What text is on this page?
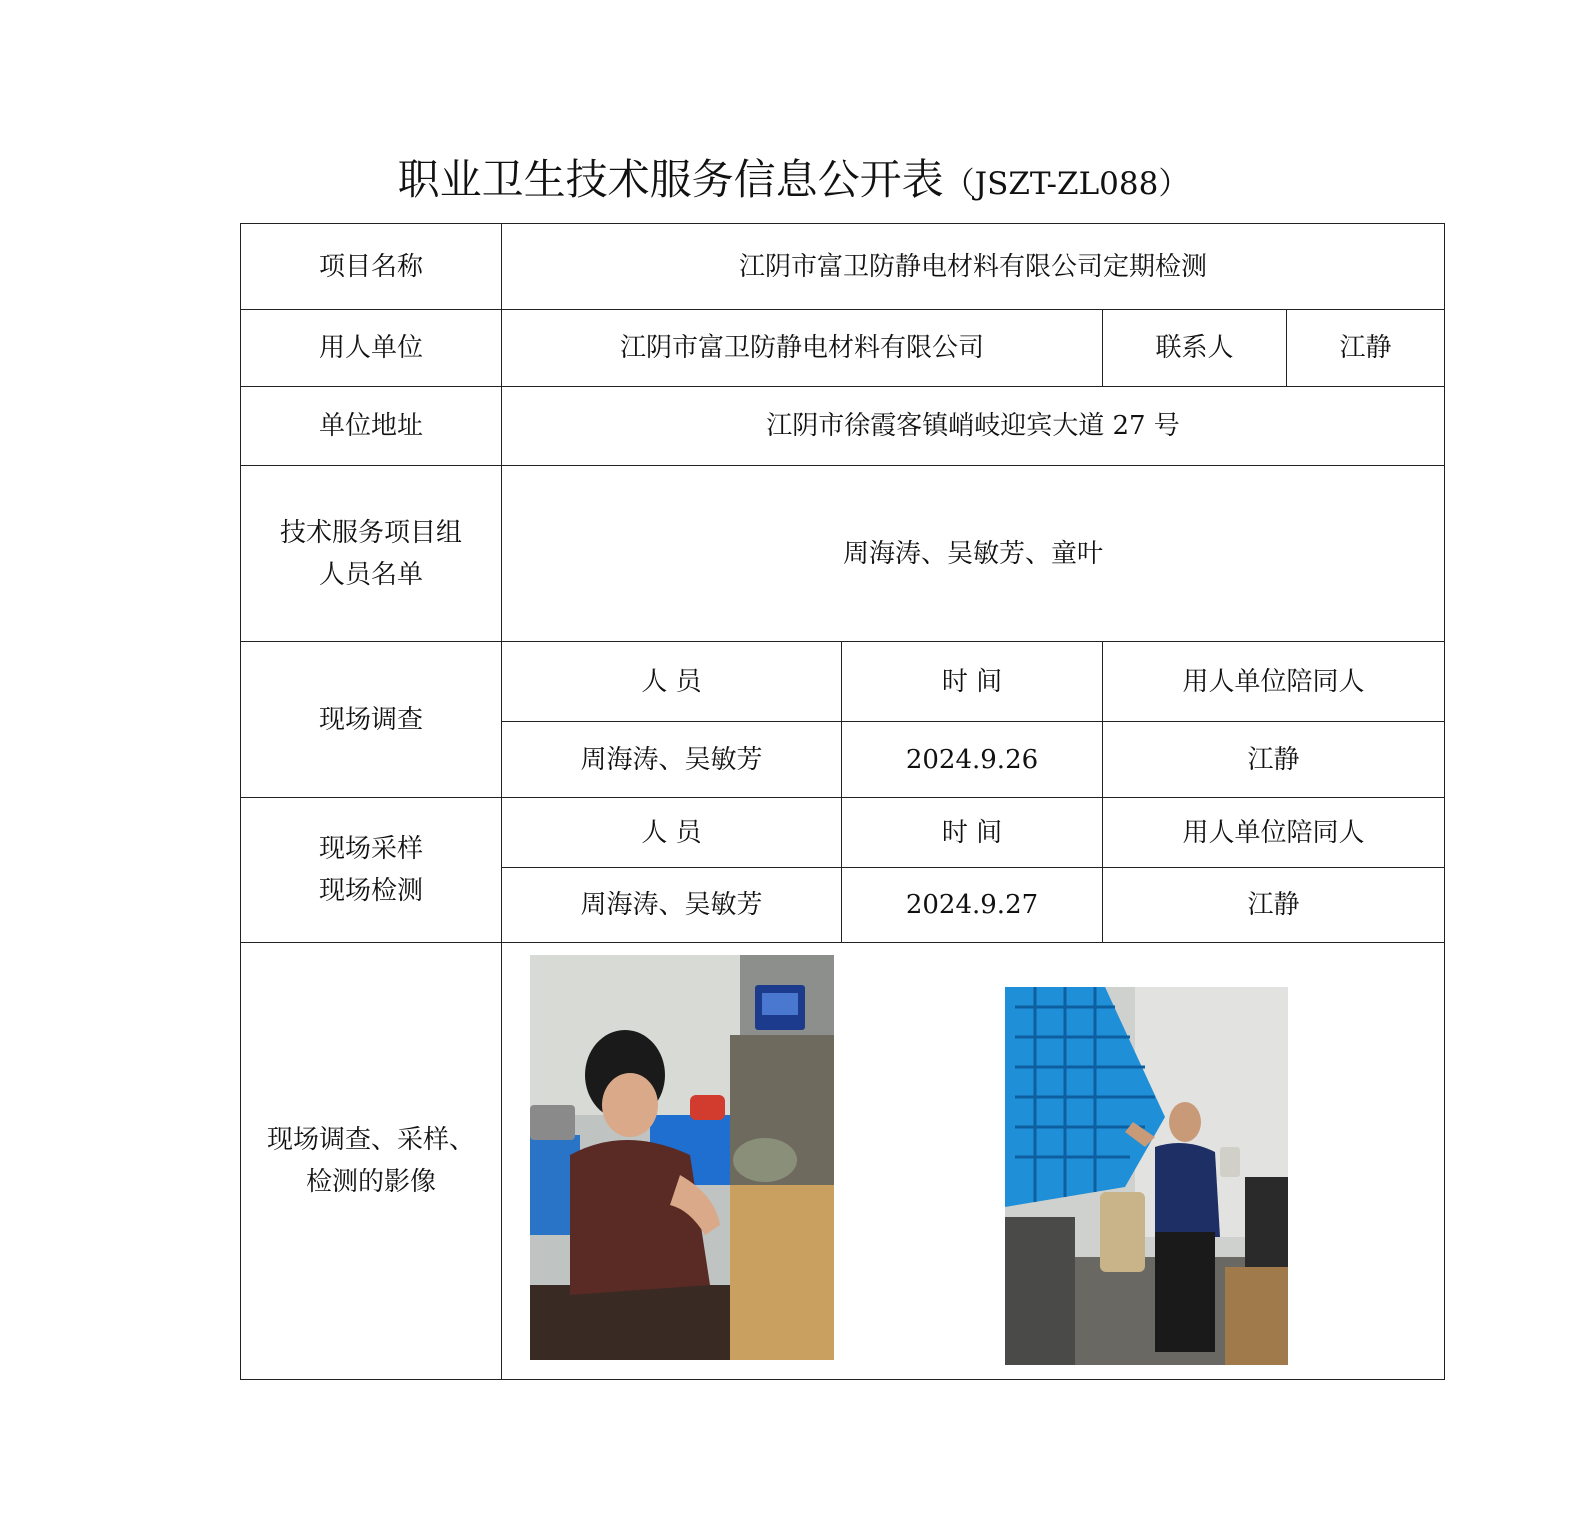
职业卫生技术服务信息公开表（JSZT-ZL088）
项目名称	江阴市富卫防静电材料有限公司定期检测			
用人单位	江阴市富卫防静电材料有限公司		联系人	江静
单位地址	江阴市徐霞客镇峭岐迎宾大道 27 号			

技术服务项目组
人员名单	周海涛、吴敏芳、童叶			
现场调查	人 员	时 间	用人单位陪同人	
	周海涛、吴敏芳	2024.9.26	江静	

现场采样
现场检测	人 员	时 间	用人单位陪同人	
	周海涛、吴敏芳	2024.9.27	江静	

现场调查、采样、
检测的影像				
